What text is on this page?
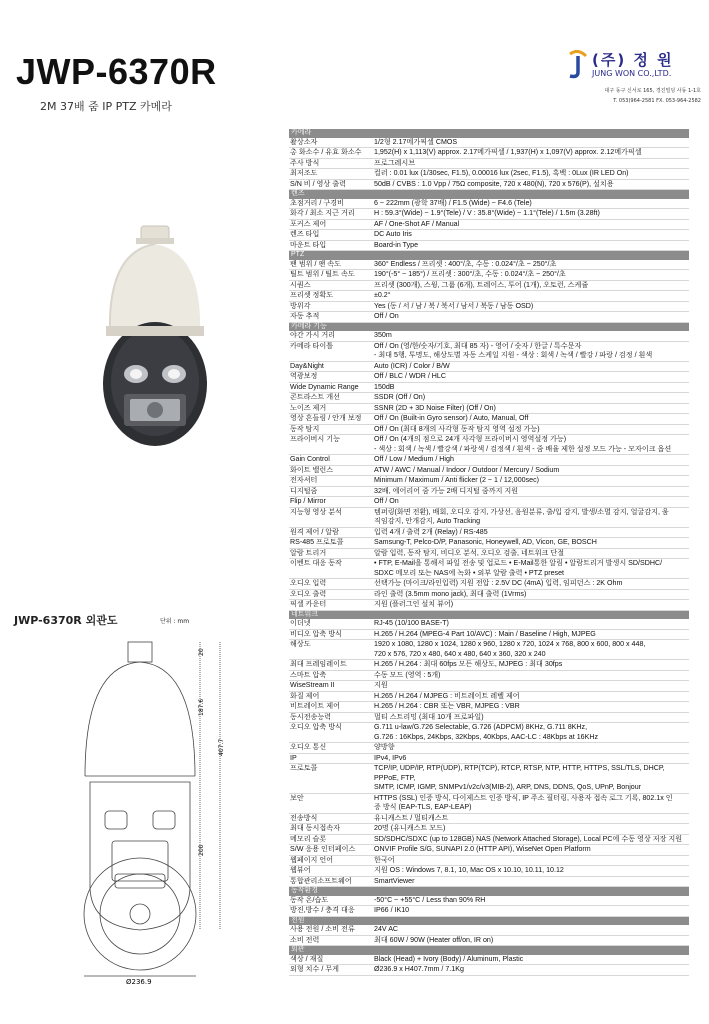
JWP-6370R
2M 37배 줌 IP PTZ 카메라
(주) 정 원
JUNG WON CO.,LTD.
대구 동구 신서로 165, 경진빌딩 사동 1-1호
T. 053)964-2581 FX. 053-964-2582
JWP-6370R 외관도	단위 : mm
20
187.6
407.7
200
Ø236.9
카메라	
촬상소자	1/2형 2.17메가픽셀 CMOS
총 화소수 / 유효 화소수	1,952(H) x 1,113(V) approx. 2.17메가픽셀 / 1,937(H) x 1,097(V) approx. 2.12메가픽셀
주사 방식	프로그레시브
최저조도	컬러 : 0.01 lux (1/30sec, F1.5), 0.00016 lux (2sec, F1.5), 흑백 : 0Lux (IR LED On)
S/N 비 / 영상 출력	50dB / CVBS : 1.0 Vpp / 75Ω composite, 720 x 480(N), 720 x 576(P), 설치용
렌즈	
초점거리 / 구경비	6 ~ 222mm (광학 37배) / F1.5 (Wide) ~ F4.6 (Tele)
화각 / 최소 지근 거리	H : 59.3°(Wide) ~ 1.9°(Tele) / V : 35.8°(Wide) ~ 1.1°(Tele) / 1.5m (3.28ft)
포커스 제어	AF / One-Shot AF / Manual
렌즈 타입	DC Auto Iris
마운트 타입	Board-in Type
PTZ	
팬 범위 / 팬 속도	360° Endless / 프리셋 : 400°/초, 수동 : 0.024°/초 ~ 250°/초
틸트 범위 / 틸트 속도	190°(-5° ~ 185°) / 프리셋 : 300°/초, 수동 : 0.024°/초 ~ 250°/초
시퀀스	프리셋 (300개), 스윙, 그룹 (6개), 트레이스, 투어 (1개), 오토런, 스케쥴
프리셋 정확도	±0.2°
방위각	Yes (동 / 서 / 남 / 북 / 북서 / 남서 / 북동 / 남동 OSD)
자동 추적	Off / On
카메라 기능	
야간 가시 거리	350m
카메라 타이틀	Off / On (영/한/숫자/기호, 최대 85 자) - 영어 / 숫자 / 한글 / 특수문자
- 최대 5행, 투명도, 해상도별 자동 스케일 지원 - 색상 : 회색 / 녹색 / 빨강 / 파랑 / 검정 / 흰색
Day&Night	Auto (ICR) / Color / B/W
역광보정	Off / BLC / WDR / HLC
Wide Dynamic Range	150dB
콘트라스트 개선	SSDR (Off / On)
노이즈 제거	SSNR (2D + 3D Noise Filter) (Off / On)
영상 흔들림 / 안개 보정	Off / On (Built-in Gyro sensor) / Auto, Manual, Off
동작 탐지	Off / On (최대 8개의 사각형 동작 탐지 영역 설정 가능)
프라이버시 기능	Off / On (4개의 점으로 24개 사각형 프라이버시 영역설정 가능)
- 색상 : 회색 / 녹색 / 빨강색 / 파랑색 / 검정색 / 흰색 - 줌 배율 제한 설정 모드 가능 - 모자이크 옵션
Gain Control	Off / Low / Medium / High
화이트 밸런스	ATW / AWC / Manual / Indoor / Outdoor / Mercury / Sodium
전자셔터	Minimum / Maximum / Anti flicker (2 ~ 1 / 12,000sec)
디지털줌	32배, 에어리어 줌 가능 2배 디지털 줌까지 지원
Flip / Mirror	Off / On
지능형 영상 분석	템퍼링(화면 전환), 배회, 오디오 감지, 가상선, 음원분류, 출/입 감지, 발생/소멸 감지, 얼굴감지, 움
직임감지, 안개감지, Auto Tracking
원격 제어 / 알람	입력 4개 / 출력 2개 (Relay) / RS-485
RS-485 프로토콜	Samsung-T, Pelco-D/P, Panasonic, Honeywell, AD, Vicon, GE, BOSCH
알람 트리거	알람 입력, 동작 탐지, 비디오 분석, 오디오 검출, 네트워크 단절
이벤트 대응 동작	• FTP, E-Mail을 통해서 파일 전송 및 업로드 • E-Mail통한 알림 • 알람트리거 발생시 SD/SDHC/
SDXC 메모리 또는 NAS에 녹화 • 외부 알람 출력 • PTZ preset
오디오 입력	선택가능 (마이크/라인입력) 지원 전압 : 2.5V DC (4mA) 입력, 임피던스 : 2K Ohm
오디오 출력	라인 출력 (3.5mm mono jack), 최대 출력 (1Vrms)
픽셀 카운터	지원 (플러그인 설치 뷰어)
네트워크	
이더넷	RJ-45 (10/100 BASE-T)
비디오 압축 방식	H.265 / H.264 (MPEG-4 Part 10/AVC) : Main / Baseline / High, MJPEG
해상도	1920 x 1080, 1280 x 1024, 1280 x 960, 1280 x 720, 1024 x 768, 800 x 600, 800 x 448,
720 x 576, 720 x 480, 640 x 480, 640 x 360, 320 x 240
최대 프레임레이트	H.265 / H.264 : 최대 60fps 모든 해상도, MJPEG : 최대 30fps
스마트 압축	수동 모드 (영역 : 5개)
WiseStream II	지원
화질 제어	H.265 / H.264 / MJPEG : 비트레이트 레벨 제어
비트레이트 제어	H.265 / H.264 : CBR 또는 VBR, MJPEG : VBR
동시전송능력	멀티 스트리밍 (최대 10개 프로파일)
오디오 압축 방식	G.711 u-law/G.726 Selectable, G.726 (ADPCM) 8KHz, G.711 8KHz,
G.726 : 16Kbps, 24Kbps, 32Kbps, 40Kbps, AAC-LC : 48Kbps at 16KHz
오디오 통신	양방향
IP	IPv4, IPv6
프로토콜	TCP/IP, UDP/IP, RTP(UDP), RTP(TCP), RTCP, RTSP, NTP, HTTP, HTTPS, SSL/TLS, DHCP, PPPoE, FTP,
SMTP, ICMP, IGMP, SNMPv1/v2c/v3(MIB-2), ARP, DNS, DDNS, QoS, UPnP, Bonjour
보안	HTTPS (SSL) 인증 방식, 다이제스트 인증 방식, IP 주소 필터링, 사용자 접속 로그 기록, 802.1x 인
증 방식 (EAP-TLS, EAP-LEAP)
전송방식	유니캐스트 / 멀티캐스트
최대 동시접속자	20명 (유니캐스트 모드)
메모리 슬롯	SD/SDHC/SDXC (up to 128GB) NAS (Network Attached Storage), Local PC에 수동 영상 저장 지원
S/W 응용 인터페이스	ONVIF Profile S/G, SUNAPI 2.0 (HTTP API), WiseNet Open Platform
웹페이지 언어	한국어
웹뷰어	지원 OS : Windows 7, 8.1, 10, Mac OS x 10.10, 10.11, 10.12
통합관리소프트웨어	SmartViewer
동작환경	
동작 온/습도	-50°C ~ +55°C / Less than 90% RH
방진,방수 / 충격 대응	IP66 / IK10
전원	
사용 전원 / 소비 전류	24V AC
소비 전력	최대 60W / 90W (Heater off/on, IR on)
외관	
색상 / 재질	Black (Head) + Ivory (Body) / Aluminum, Plastic
외형 치수 / 무게	Ø236.9 x H407.7mm / 7.1Kg
